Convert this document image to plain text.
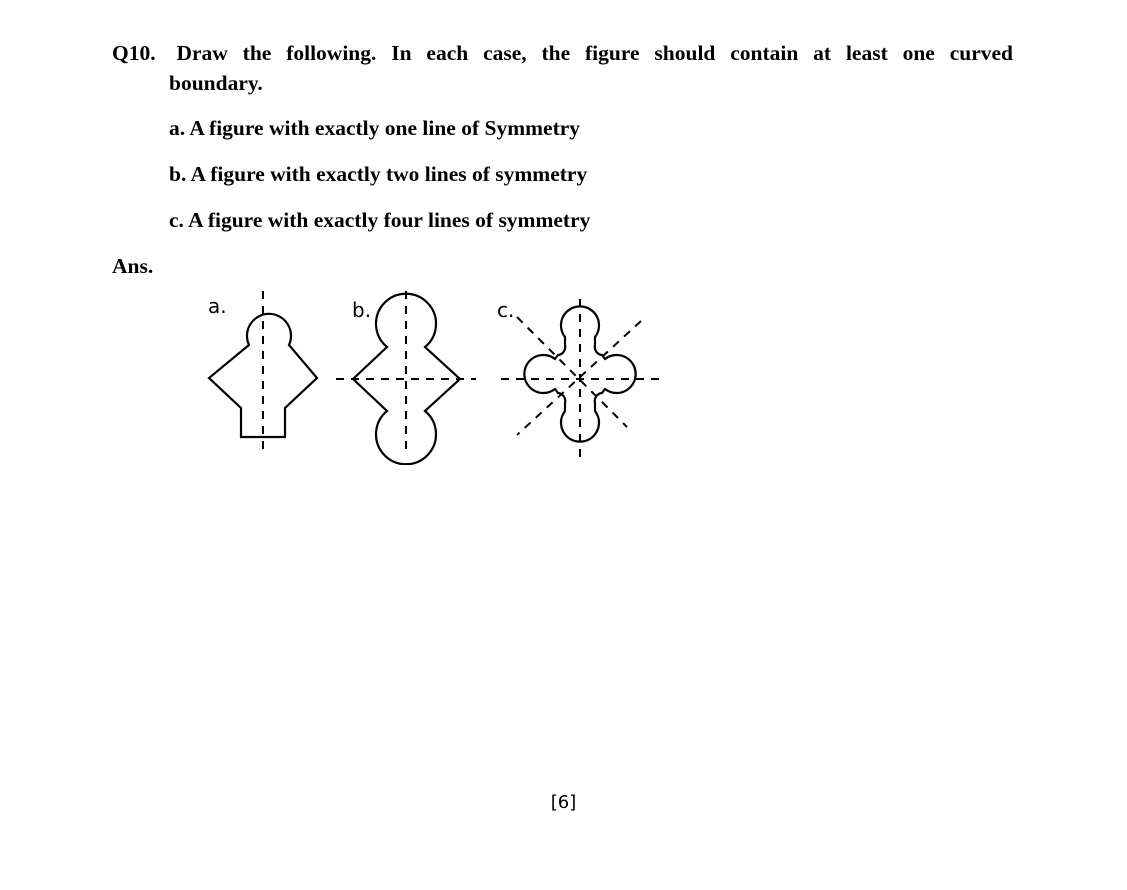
Q10. Draw the following. In each case, the figure should contain at least one curved
boundary.
a. A figure with exactly one line of Symmetry
b. A figure with exactly two lines of symmetry
c. A figure with exactly four lines of symmetry
Ans.
a.	b.	c.
[6]
